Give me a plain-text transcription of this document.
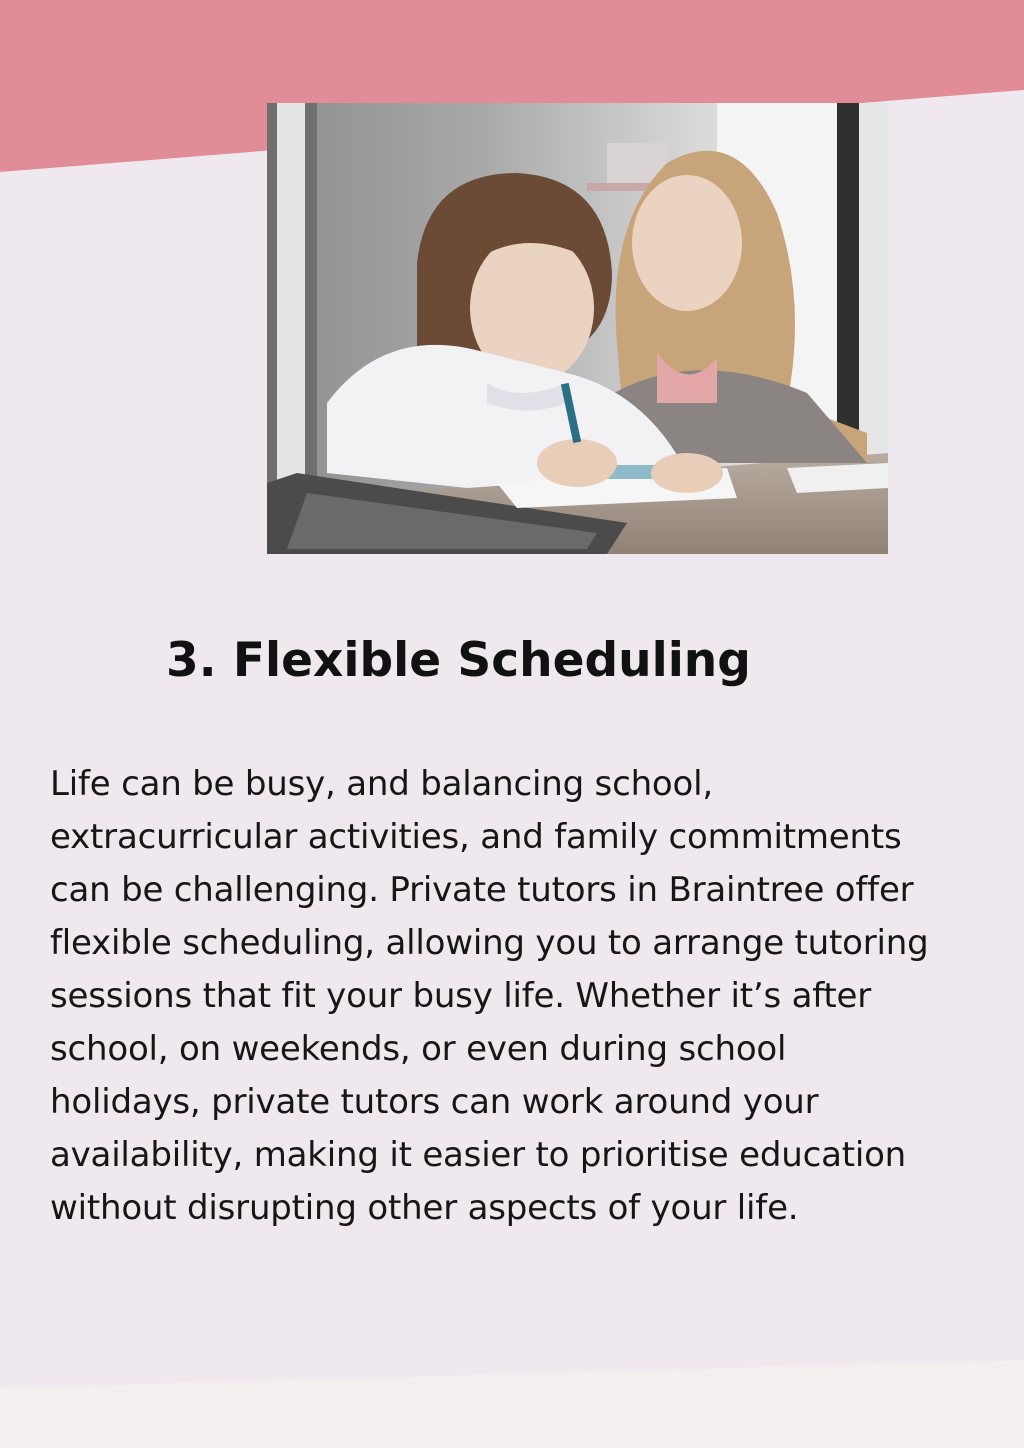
3. Flexible Scheduling

Life can be busy, and balancing school,
extracurricular activities, and family commitments
can be challenging. Private tutors in Braintree offer
flexible scheduling, allowing you to arrange tutoring
sessions that fit your busy life. Whether it’s after
school, on weekends, or even during school
holidays, private tutors can work around your
availability, making it easier to prioritise education
without disrupting other aspects of your life.
